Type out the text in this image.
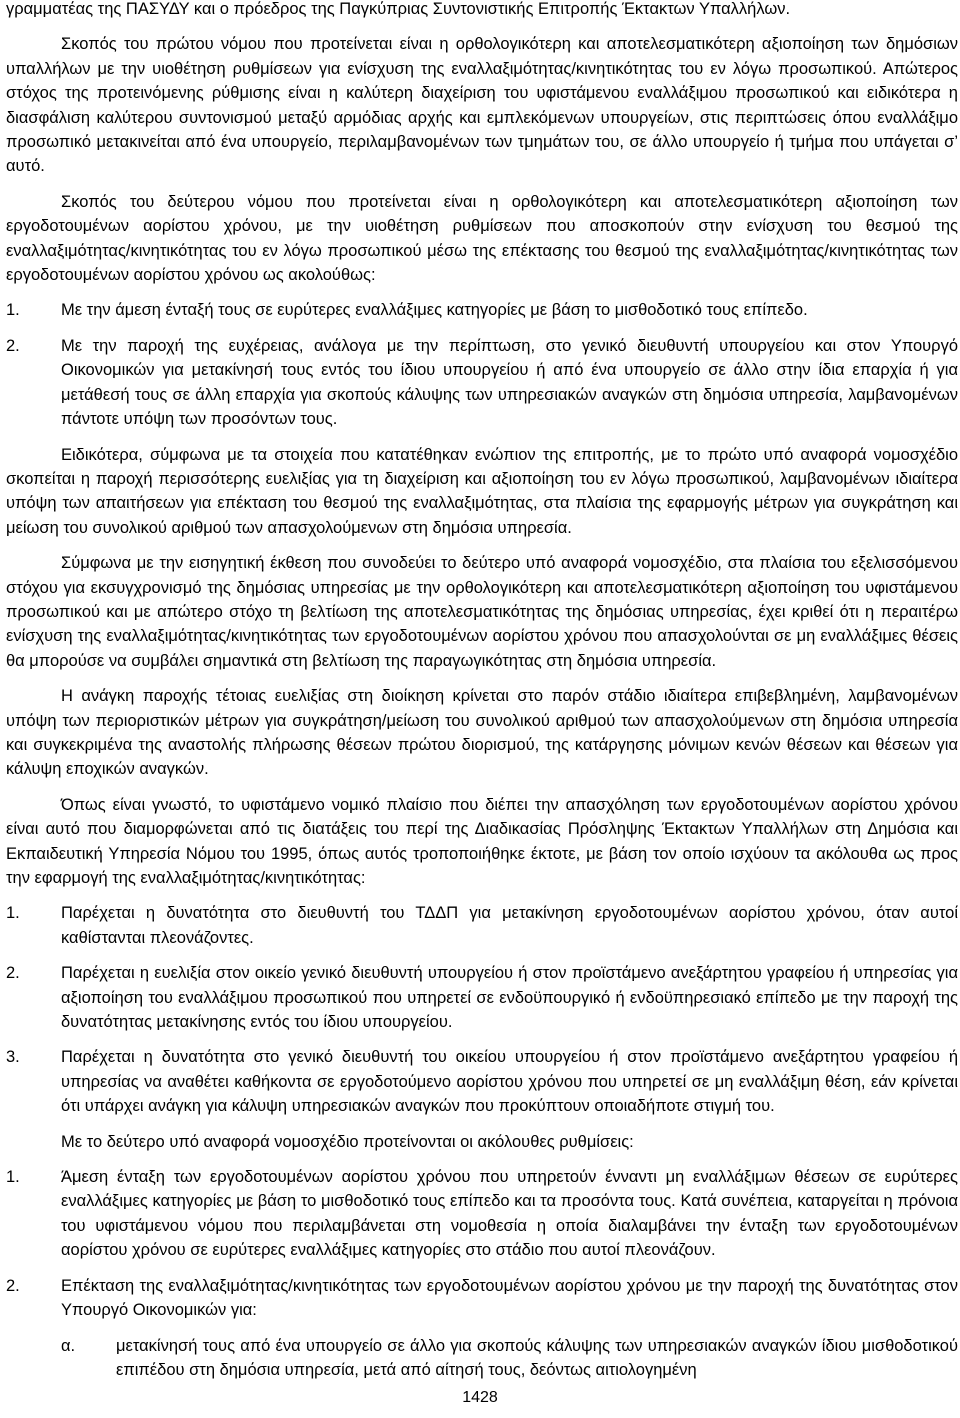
γραμματέας της ΠΑΣΥΔΥ και ο πρόεδρος της Παγκύπριας Συντονιστικής Επιτροπής Έκτακτων Υπαλλήλων.

Σκοπός του πρώτου νόμου που προτείνεται είναι η ορθολογικότερη και αποτελεσματικότερη αξιοποίηση των δημόσιων υπαλλήλων με την υιοθέτηση ρυθμίσεων για ενίσχυση της εναλλαξιμότητας/κινητικότητας του εν λόγω προσωπικού. Απώτερος στόχος της προτεινόμενης ρύθμισης είναι η καλύτερη διαχείριση του υφιστάμενου εναλλάξιμου προσωπικού και ειδικότερα η διασφάλιση καλύτερου συντονισμού μεταξύ αρμόδιας αρχής και εμπλεκόμενων υπουργείων, στις περιπτώσεις όπου εναλλάξιμο προσωπικό μετακινείται από ένα υπουργείο, περιλαμβανομένων των τμημάτων του, σε άλλο υπουργείο ή τμήμα που υπάγεται σ’ αυτό.

Σκοπός του δεύτερου νόμου που προτείνεται είναι η ορθολογικότερη και αποτελεσματικότερη αξιοποίηση των εργοδοτουμένων αορίστου χρόνου, με την υιοθέτηση ρυθμίσεων που αποσκοπούν στην ενίσχυση του θεσμού της εναλλαξιμότητας/κινητικότητας του εν λόγω προσωπικού μέσω της επέκτασης του θεσμού της εναλλαξιμότητας/κινητικότητας των εργοδοτουμένων αορίστου χρόνου ως ακολούθως:

1.	Με την άμεση ένταξή τους σε ευρύτερες εναλλάξιμες κατηγορίες με βάση το μισθοδοτικό τους επίπεδο.
2.	Με την παροχή της ευχέρειας, ανάλογα με την περίπτωση, στο γενικό διευθυντή υπουργείου και στον Υπουργό Οικονομικών για μετακίνησή τους εντός του ίδιου υπουργείου ή από ένα υπουργείο σε άλλο στην ίδια επαρχία ή για μετάθεσή τους σε άλλη επαρχία για σκοπούς κάλυψης των υπηρεσιακών αναγκών στη δημόσια υπηρεσία, λαμβανομένων πάντοτε υπόψη των προσόντων τους.

Ειδικότερα, σύμφωνα με τα στοιχεία που κατατέθηκαν ενώπιον της επιτροπής, με το πρώτο υπό αναφορά νομοσχέδιο σκοπείται η παροχή περισσότερης ευελιξίας για τη διαχείριση και αξιοποίηση του εν λόγω προσωπικού, λαμβανομένων ιδιαίτερα υπόψη των απαιτήσεων για επέκταση του θεσμού της εναλλαξιμότητας, στα πλαίσια της εφαρμογής μέτρων για συγκράτηση και μείωση του συνολικού αριθμού των απασχολούμενων στη δημόσια υπηρεσία.

Σύμφωνα με την εισηγητική έκθεση που συνοδεύει το δεύτερο υπό αναφορά νομοσχέδιο, στα πλαίσια του εξελισσόμενου στόχου για εκσυγχρονισμό της δημόσιας υπηρεσίας με την ορθολογικότερη και αποτελεσματικότερη αξιοποίηση του υφιστάμενου προσωπικού και με απώτερο στόχο τη βελτίωση της αποτελεσματικότητας της δημόσιας υπηρεσίας, έχει κριθεί ότι η περαιτέρω ενίσχυση της εναλλαξιμότητας/κινητικότητας των εργοδοτουμένων αορίστου χρόνου που απασχολούνται σε μη εναλλάξιμες θέσεις θα μπορούσε να συμβάλει σημαντικά στη βελτίωση της παραγωγικότητας στη δημόσια υπηρεσία.

Η ανάγκη παροχής τέτοιας ευελιξίας στη διοίκηση κρίνεται στο παρόν στάδιο ιδιαίτερα επιβεβλημένη, λαμβανομένων υπόψη των περιοριστικών μέτρων για συγκράτηση/μείωση του συνολικού αριθμού των απασχολούμενων στη δημόσια υπηρεσία και συγκεκριμένα της αναστολής πλήρωσης θέσεων πρώτου διορισμού, της κατάργησης μόνιμων κενών θέσεων και θέσεων για κάλυψη εποχικών αναγκών.

Όπως είναι γνωστό, το υφιστάμενο νομικό πλαίσιο που διέπει την απασχόληση των εργοδοτουμένων αορίστου χρόνου είναι αυτό που διαμορφώνεται από τις διατάξεις του περί της Διαδικασίας Πρόσληψης Έκτακτων Υπαλλήλων στη Δημόσια και Εκπαιδευτική Υπηρεσία Νόμου του 1995, όπως αυτός τροποποιήθηκε έκτοτε, με βάση τον οποίο ισχύουν τα ακόλουθα ως προς την εφαρμογή της εναλλαξιμότητας/κινητικότητας:

1.	Παρέχεται η δυνατότητα στο διευθυντή του ΤΔΔΠ για μετακίνηση εργοδοτουμένων αορίστου χρόνου, όταν αυτοί καθίστανται πλεονάζοντες.
2.	Παρέχεται η ευελιξία στον οικείο γενικό διευθυντή υπουργείου ή στον προϊστάμενο ανεξάρτητου γραφείου ή υπηρεσίας για αξιοποίηση του εναλλάξιμου προσωπικού που υπηρετεί σε ενδοϋπουργικό ή ενδοϋπηρεσιακό επίπεδο με την παροχή της δυνατότητας μετακίνησης εντός του ίδιου υπουργείου.
3.	Παρέχεται η δυνατότητα στο γενικό διευθυντή του οικείου υπουργείου ή στον προϊστάμενο ανεξάρτητου γραφείου ή υπηρεσίας να αναθέτει καθήκοντα σε εργοδοτούμενο αορίστου χρόνου που υπηρετεί σε μη εναλλάξιμη θέση, εάν κρίνεται ότι υπάρχει ανάγκη για κάλυψη υπηρεσιακών αναγκών που προκύπτουν οποιαδήποτε στιγμή του.

Με το δεύτερο υπό αναφορά νομοσχέδιο προτείνονται οι ακόλουθες ρυθμίσεις:

1.	Άμεση ένταξη των εργοδοτουμένων αορίστου χρόνου που υπηρετούν ένναντι μη εναλλάξιμων θέσεων σε ευρύτερες εναλλάξιμες κατηγορίες με βάση το μισθοδοτικό τους επίπεδο και τα προσόντα τους. Κατά συνέπεια, καταργείται η πρόνοια του υφιστάμενου νόμου που περιλαμβάνεται στη νομοθεσία η οποία διαλαμβάνει την ένταξη των εργοδοτουμένων αορίστου χρόνου σε ευρύτερες εναλλάξιμες κατηγορίες στο στάδιο που αυτοί πλεονάζουν.
2.	Επέκταση της εναλλαξιμότητας/κινητικότητας των εργοδοτουμένων αορίστου χρόνου με την παροχή της δυνατότητας στον Υπουργό Οικονομικών για:
α.	μετακίνησή τους από ένα υπουργείο σε άλλο για σκοπούς κάλυψης των υπηρεσιακών αναγκών ίδιου μισθοδοτικού επιπέδου στη δημόσια υπηρεσία, μετά από αίτησή τους, δεόντως αιτιολογημένη
1428
